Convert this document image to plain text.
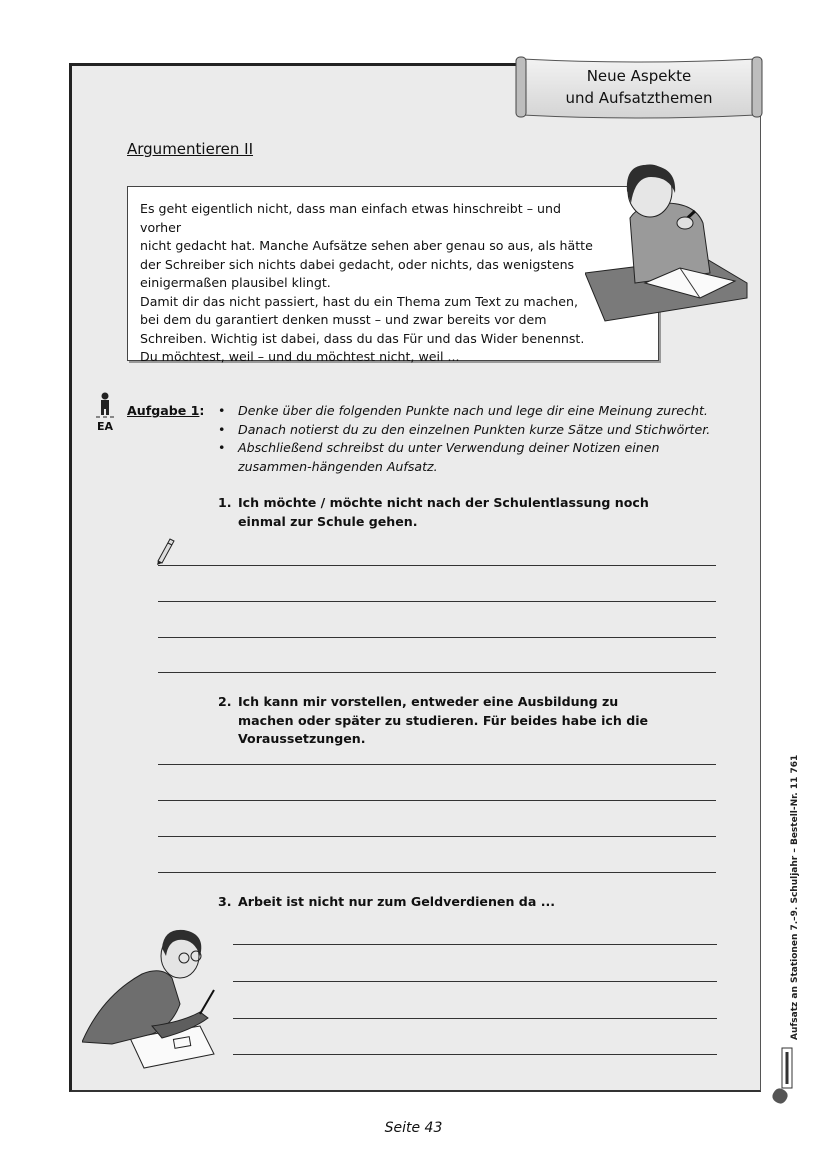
Neue Aspekte
und Aufsatzthemen
Argumentieren II
Es geht eigentlich nicht, dass man einfach etwas hinschreibt – und vorher
nicht gedacht hat. Manche Aufsätze sehen aber genau so aus, als hätte
der Schreiber sich nichts dabei gedacht, oder nichts, das wenigstens
einigermaßen plausibel klingt.
Damit dir das nicht passiert, hast du ein Thema zum Text zu machen,
bei dem du garantiert denken musst – und zwar bereits vor dem
Schreiben. Wichtig ist dabei, dass du das Für und das Wider benennst.
Du möchtest, weil – und du möchtest nicht, weil ...
EA
Aufgabe 1:
•	Denke über die folgenden Punkte nach und lege dir eine Meinung zurecht.
• Danach notierst du zu den einzelnen Punkten kurze Sätze und Stichwörter.
• Abschließend schreibst du unter Verwendung deiner Notizen einen zusammen-hängenden Aufsatz.
1. Ich möchte / möchte nicht nach der Schulentlassung noch einmal zur Schule gehen.
2. Ich kann mir vorstellen, entweder eine Ausbildung zu machen oder später zu studieren. Für beides habe ich die Voraussetzungen.
3. Arbeit ist nicht nur zum Geldverdienen da ...	Aufsatz an Stationen 7.–9. Schuljahr – Bestell-Nr. 11 761
Seite 43
